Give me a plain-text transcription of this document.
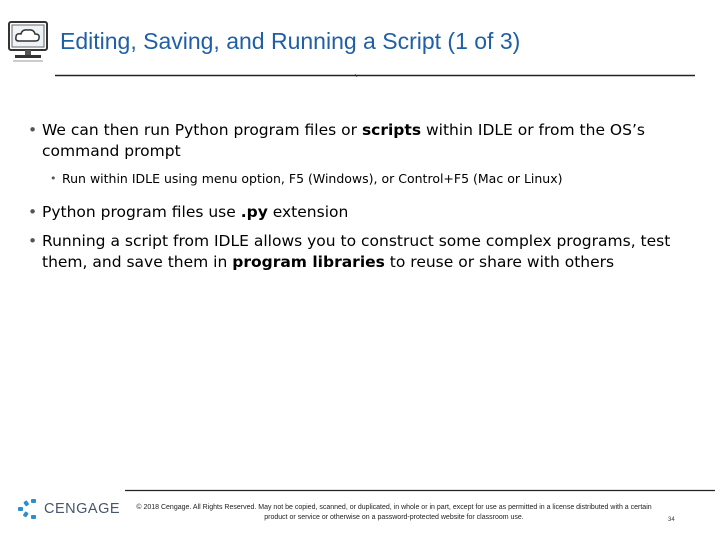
Editing, Saving, and Running a Script (1 of 3)
• We can then run Python program files or scripts within IDLE or from the OS’s command prompt
• Run within IDLE using menu option, F5 (Windows), or Control+F5 (Mac or Linux)
• Python program files use .py extension
• Running a script from IDLE allows you to construct some complex programs, test them, and save them in program libraries to reuse or share with others
CENGAGE © 2018 Cengage. All Rights Reserved. May not be copied, scanned, or duplicated, in whole or in part, except for use as permitted in a license distributed with a certain product or service or otherwise on a password-protected website for classroom use.	34
